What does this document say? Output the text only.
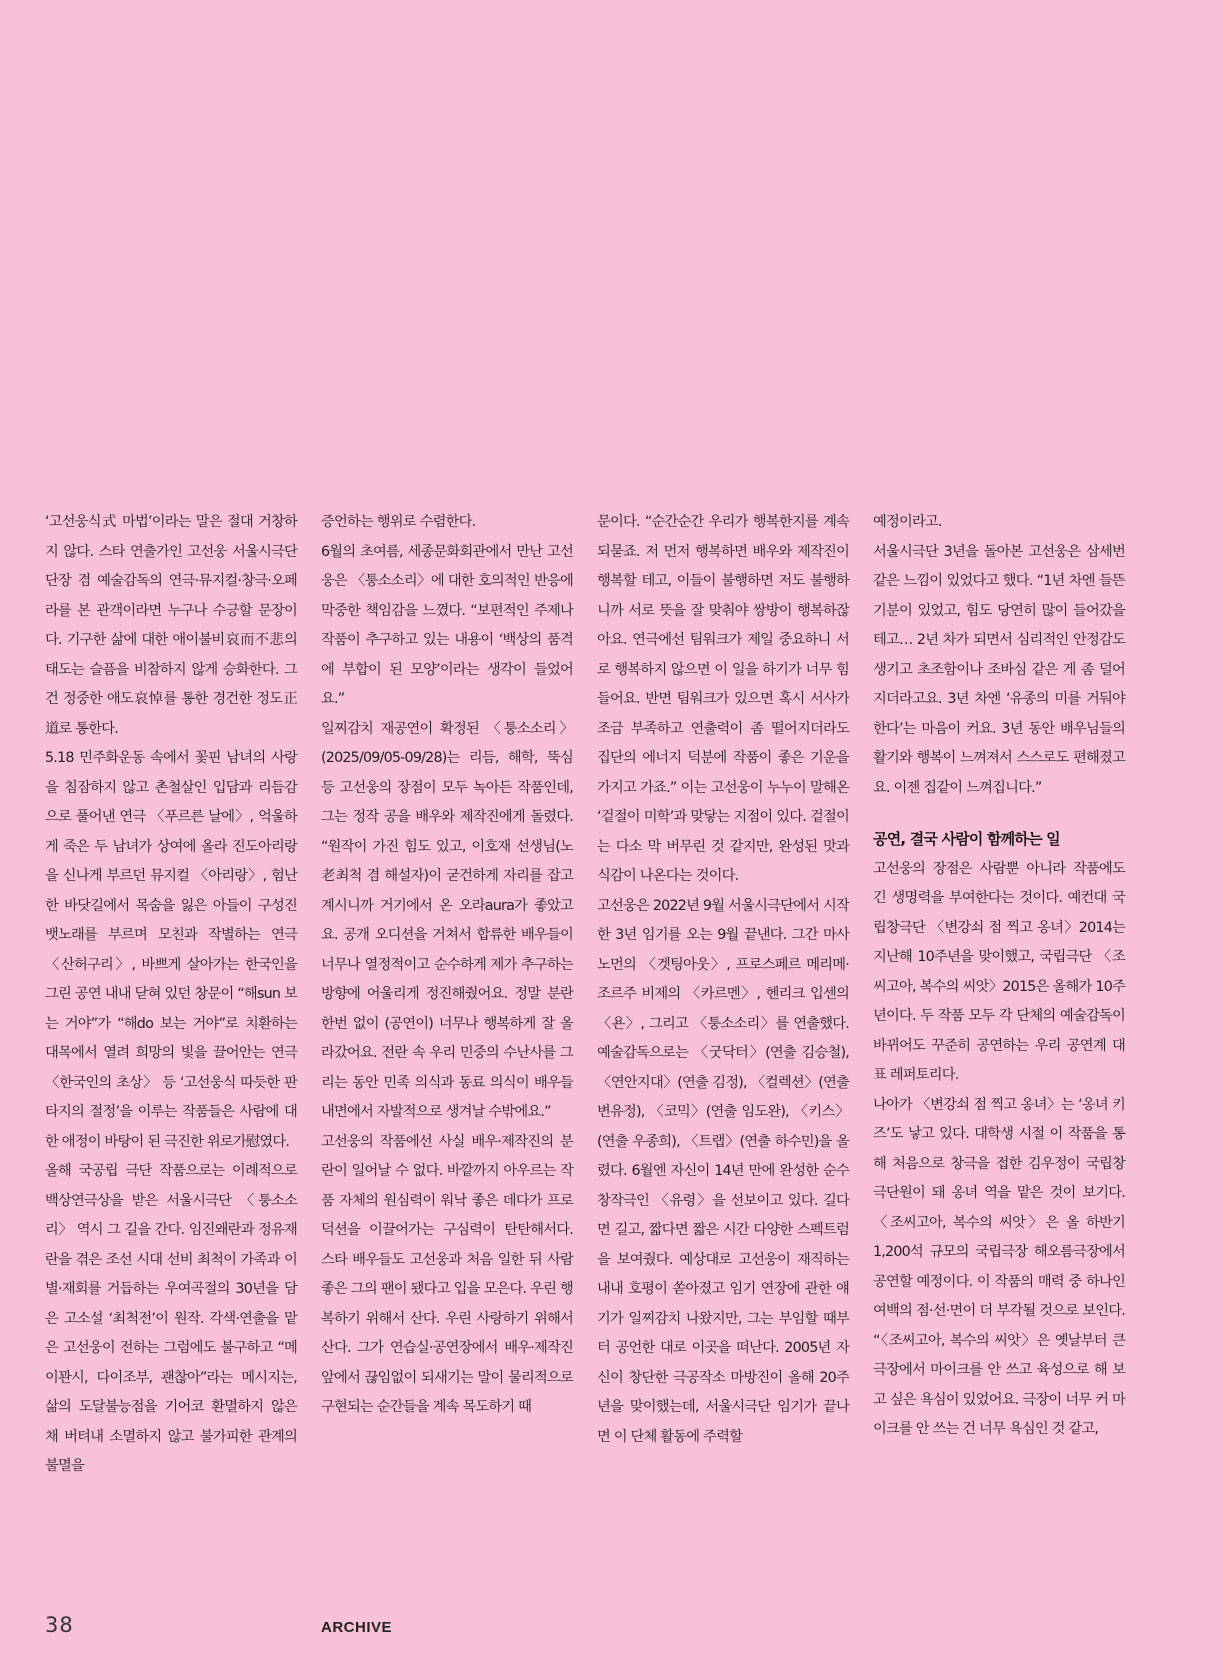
‘고선웅식式 마법’이라는 말은 절대 거창하지 않다. 스타 연출가인 고선웅 서울시극단 단장 겸 예술감독의 연극·뮤지컬·창극·오페라를 본 관객이라면 누구나 수긍할 문장이다. 기구한 삶에 대한 애이불비哀而不悲의 태도는 슬픔을 비참하지 않게 승화한다. 그건 정중한 애도哀悼를 통한 경건한 정도正道로 통한다.

5.18 민주화운동 속에서 꽃핀 남녀의 사랑을 침잠하지 않고 촌철살인 입담과 리듬감으로 풀어낸 연극 〈푸르른 날에〉, 억울하게 죽은 두 남녀가 상여에 올라 진도아리랑을 신나게 부르던 뮤지컬 〈아리랑〉, 험난한 바닷길에서 목숨을 잃은 아들이 구성진 뱃노래를 부르며 모친과 작별하는 연극 〈산허구리〉, 바쁘게 살아가는 한국인을 그린 공연 내내 닫혀 있던 창문이 “해sun 보는 거야”가 “해do 보는 거야”로 치환하는 대목에서 열려 희망의 빛을 끌어안는 연극 〈한국인의 초상〉 등 ‘고선웅식 따듯한 판타지의 절정’을 이루는 작품들은 사람에 대한 애정이 바탕이 된 극진한 위로가慰였다.

올해 국공립 극단 작품으로는 이례적으로 백상연극상을 받은 서울시극단 〈퉁소소리〉 역시 그 길을 간다. 임진왜란과 정유재란을 겪은 조선 시대 선비 최척이 가족과 이별·재회를 거듭하는 우여곡절의 30년을 담은 고소설 ‘최척전’이 원작. 각색·연출을 맡은 고선웅이 전하는 그럼에도 불구하고 “메이꽌시, 다이조부, 괜찮아”라는 메시지는, 삶의 도달불능점을 기어코 환멸하지 않은 채 버텨내 소멸하지 않고 불가피한 관계의 불멸을

증언하는 행위로 수렴한다.

6월의 초여름, 세종문화회관에서 만난 고선웅은 〈퉁소소리〉에 대한 호의적인 반응에 막중한 책임감을 느꼈다. “보편적인 주제나 작품이 추구하고 있는 내용이 ‘백상의 품격에 부합이 된 모양’이라는 생각이 들었어요.”

일찌감치 재공연이 확정된 〈퉁소소리〉(2025/09/05-09/28)는 리듬, 해학, 뚝심 등 고선웅의 장점이 모두 녹아든 작품인데, 그는 정작 공을 배우와 제작진에게 돌렸다. “원작이 가진 힘도 있고, 이호재 선생님(노老최척 겸 해설자)이 굳건하게 자리를 잡고 계시니까 거기에서 온 오라aura가 좋았고요. 공개 오디션을 거쳐서 합류한 배우들이 너무나 열정적이고 순수하게 제가 추구하는 방향에 어울리게 정진해줬어요. 정말 분란 한번 없이 (공연이) 너무나 행복하게 잘 올라갔어요. 전란 속 우리 민중의 수난사를 그리는 동안 민족 의식과 동료 의식이 배우들 내면에서 자발적으로 생겨날 수밖에요.”

고선웅의 작품에선 사실 배우·제작진의 분란이 일어날 수 없다. 바깥까지 아우르는 작품 자체의 원심력이 워낙 좋은 데다가 프로덕션을 이끌어가는 구심력이 탄탄해서다. 스타 배우들도 고선웅과 처음 일한 뒤 사람 좋은 그의 팬이 됐다고 입을 모은다. 우린 행복하기 위해서 산다. 우린 사랑하기 위해서 산다. 그가 연습실·공연장에서 배우·제작진 앞에서 끊임없이 되새기는 말이 물리적으로 구현되는 순간들을 계속 목도하기 때

문이다. “순간순간 우리가 행복한지를 계속 되묻죠. 저 먼저 행복하면 배우와 제작진이 행복할 테고, 이들이 불행하면 저도 불행하니까 서로 뜻을 잘 맞춰야 쌍방이 행복하잖아요. 연극에선 팀워크가 제일 중요하니 서로 행복하지 않으면 이 일을 하기가 너무 힘들어요. 반면 팀워크가 있으면 혹시 서사가 조금 부족하고 연출력이 좀 떨어지더라도 집단의 에너지 덕분에 작품이 좋은 기운을 가지고 가죠.” 이는 고선웅이 누누이 말해온 ‘겉절이 미학’과 맞닿는 지점이 있다. 겉절이는 다소 막 버무린 것 같지만, 완성된 맛과 식감이 나온다는 것이다.

고선웅은 2022년 9월 서울시극단에서 시작한 3년 임기를 오는 9월 끝낸다. 그간 마사 노먼의 〈겟팅아웃〉, 프로스페르 메리메·조르주 비제의 〈카르멘〉, 헨리크 입센의 〈욘〉, 그리고 〈퉁소소리〉를 연출했다. 예술감독으로는 〈굿닥터〉(연출 김승철), 〈연안지대〉(연출 김정), 〈컬렉션〉(연출 변유정), 〈코믹〉(연출 임도완), 〈키스〉(연출 우종희), 〈트랩〉(연출 하수민)을 올렸다. 6월엔 자신이 14년 만에 완성한 순수 창작극인 〈유령〉을 선보이고 있다. 길다면 길고, 짧다면 짧은 시간 다양한 스펙트럼을 보여줬다. 예상대로 고선웅이 재직하는 내내 호평이 쏟아졌고 임기 연장에 관한 얘기가 일찌감치 나왔지만, 그는 부임할 때부터 공언한 대로 이곳을 떠난다. 2005년 자신이 창단한 극공작소 마방진이 올해 20주년을 맞이했는데, 서울시극단 임기가 끝나면 이 단체 활동에 주력할

예정이라고.

서울시극단 3년을 돌아본 고선웅은 삼세번 같은 느낌이 있었다고 했다. “1년 차엔 들뜬 기분이 있었고, 힘도 당연히 많이 들어갔을 테고… 2년 차가 되면서 심리적인 안정감도 생기고 초조함이나 조바심 같은 게 좀 덜어지더라고요. 3년 차엔 ‘유종의 미를 거둬야 한다’는 마음이 커요. 3년 동안 배우님들의 활기와 행복이 느껴져서 스스로도 편해졌고요. 이젠 집같이 느껴집니다.”

공연, 결국 사람이 함께하는 일

고선웅의 장점은 사람뿐 아니라 작품에도 긴 생명력을 부여한다는 것이다. 예컨대 국립창극단 〈변강쇠 점 찍고 옹녀〉2014는 지난해 10주년을 맞이했고, 국립극단 〈조씨고아, 복수의 씨앗〉2015은 올해가 10주년이다. 두 작품 모두 각 단체의 예술감독이 바뀌어도 꾸준히 공연하는 우리 공연계 대표 레퍼토리다.

나아가 〈변강쇠 점 찍고 옹녀〉는 ‘옹녀 키즈’도 낳고 있다. 대학생 시절 이 작품을 통해 처음으로 창극을 접한 김우정이 국립창극단원이 돼 옹녀 역을 맡은 것이 보기다. 〈조씨고아, 복수의 씨앗〉은 올 하반기 1,200석 규모의 국립극장 해오름극장에서 공연할 예정이다. 이 작품의 매력 중 하나인 여백의 점·선·면이 더 부각될 것으로 보인다. “〈조씨고아, 복수의 씨앗〉은 옛날부터 큰 극장에서 마이크를 안 쓰고 육성으로 해 보고 싶은 욕심이 있었어요. 극장이 너무 커 마이크를 안 쓰는 건 너무 욕심인 것 같고,

38	ARCHIVE
